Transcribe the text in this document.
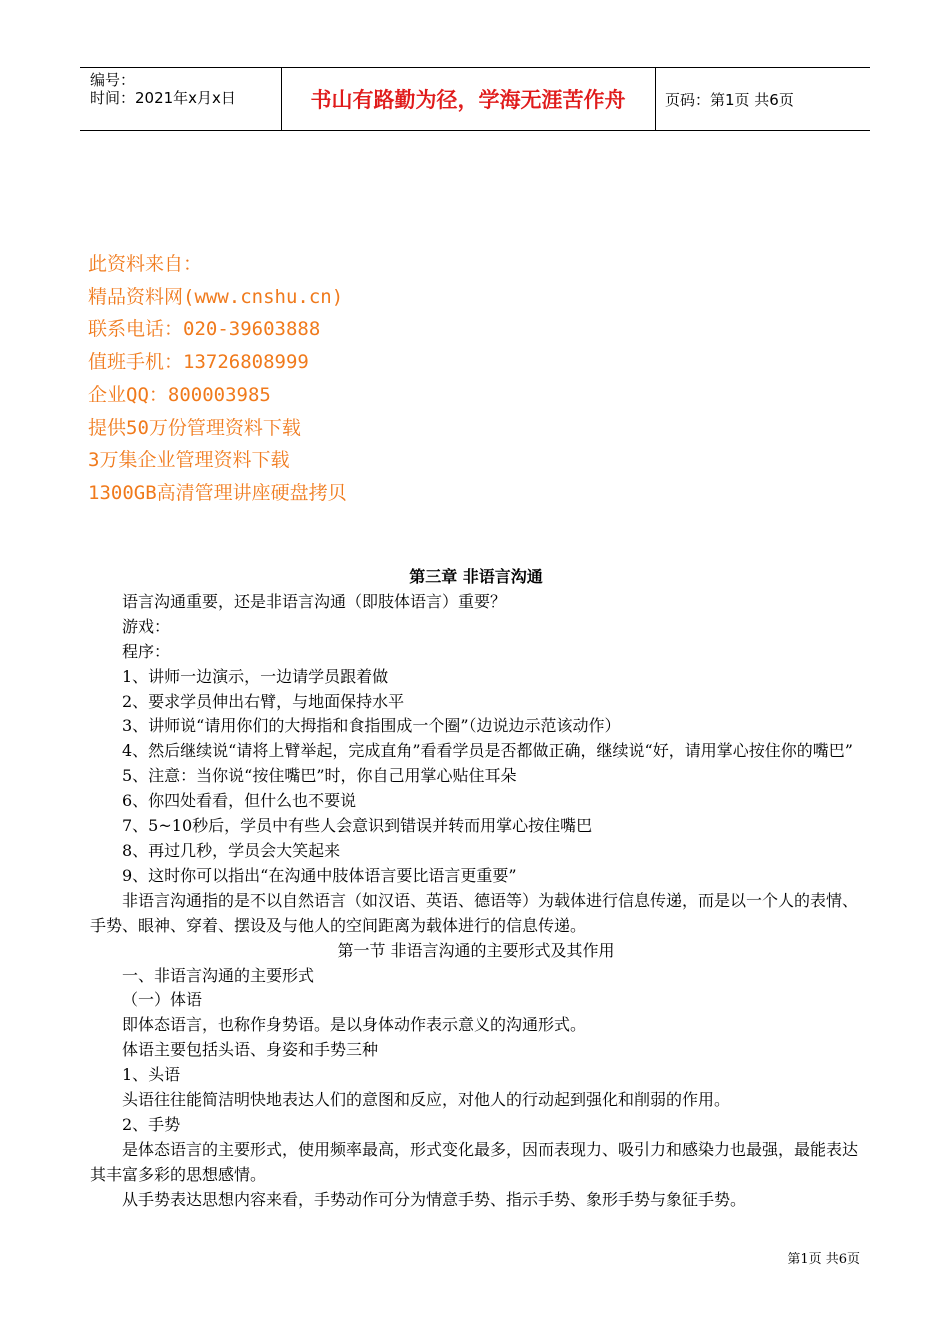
编号：
时间：2021年x月x日	书山有路勤为径，学海无涯苦作舟	页码：第1页 共6页
此资料来自：
精品资料网(www.cnshu.cn)
联系电话：020-39603888
值班手机：13726808999
企业QQ：800003985
提供50万份管理资料下载
3万集企业管理资料下载
1300GB高清管理讲座硬盘拷贝

第三章 非语言沟通

语言沟通重要，还是非语言沟通（即肢体语言）重要？

游戏：

程序：

1、讲师一边演示，一边请学员跟着做

2、要求学员伸出右臂，与地面保持水平

3、讲师说“请用你们的大拇指和食指围成一个圈”（边说边示范该动作）

4、然后继续说“请将上臂举起，完成直角”看看学员是否都做正确，继续说“好，请用掌心按住你的嘴巴”

5、注意：当你说“按住嘴巴”时，你自己用掌心贴住耳朵

6、你四处看看，但什么也不要说

7、5~10秒后，学员中有些人会意识到错误并转而用掌心按住嘴巴

8、再过几秒，学员会大笑起来

9、这时你可以指出“在沟通中肢体语言要比语言更重要”

非语言沟通指的是不以自然语言（如汉语、英语、德语等）为载体进行信息传递，而是以一个人的表情、手势、眼神、穿着、摆设及与他人的空间距离为载体进行的信息传递。

第一节 非语言沟通的主要形式及其作用

一、非语言沟通的主要形式

（一）体语

即体态语言，也称作身势语。是以身体动作表示意义的沟通形式。

体语主要包括头语、身姿和手势三种

1、头语

头语往往能简洁明快地表达人们的意图和反应，对他人的行动起到强化和削弱的作用。

2、手势

是体态语言的主要形式，使用频率最高，形式变化最多，因而表现力、吸引力和感染力也最强，最能表达其丰富多彩的思想感情。

从手势表达思想内容来看，手势动作可分为情意手势、指示手势、象形手势与象征手势。

第1页 共6页
